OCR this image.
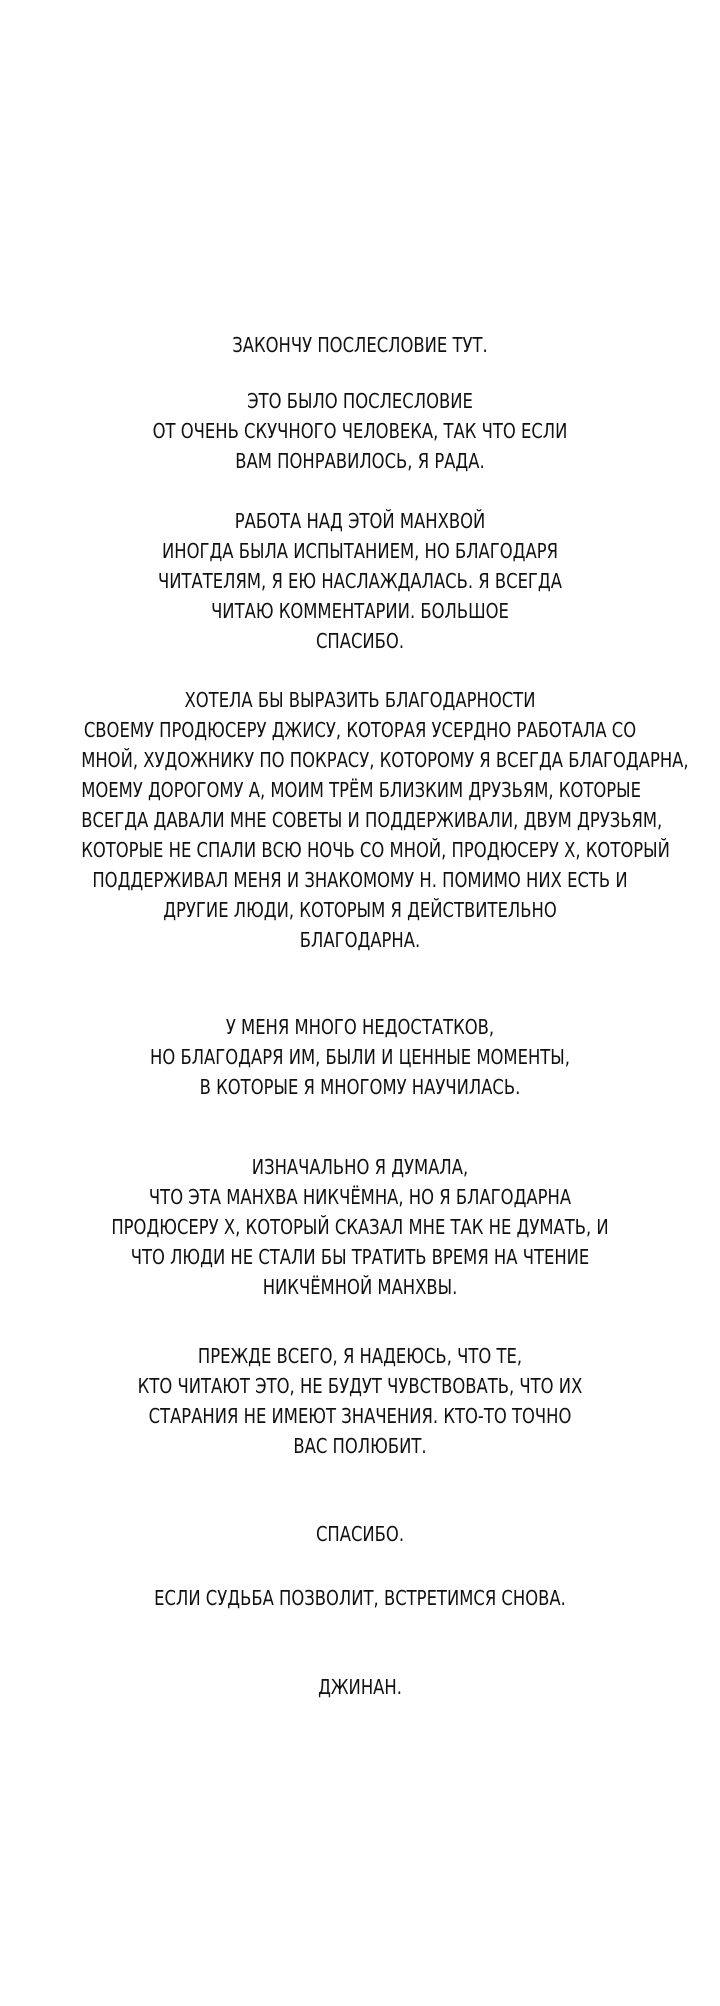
ЗАКОНЧУ ПОСЛЕСЛОВИЕ ТУТ.
ЭТО БЫЛО ПОСЛЕСЛОВИЕ
ОТ ОЧЕНЬ СКУЧНОГО ЧЕЛОВЕКА, ТАК ЧТО ЕСЛИ
ВАМ ПОНРАВИЛОСЬ, Я РАДА.
РАБОТА НАД ЭТОЙ МАНХВОЙ
ИНОГДА БЫЛА ИСПЫТАНИЕМ, НО БЛАГОДАРЯ
ЧИТАТЕЛЯМ, Я ЕЮ НАСЛАЖДАЛАСЬ. Я ВСЕГДА
ЧИТАЮ КОММЕНТАРИИ. БОЛЬШОЕ
СПАСИБО.
ХОТЕЛА БЫ ВЫРАЗИТЬ БЛАГОДАРНОСТИ
СВОЕМУ ПРОДЮСЕРУ ДЖИСУ, КОТОРАЯ УСЕРДНО РАБОТАЛА СО
МНОЙ, ХУДОЖНИКУ ПО ПОКРАСУ, КОТОРОМУ Я ВСЕГДА БЛАГОДАРНА,
МОЕМУ ДОРОГОМУ А, МОИМ ТРЁМ БЛИЗКИМ ДРУЗЬЯМ, КОТОРЫЕ
ВСЕГДА ДАВАЛИ МНЕ СОВЕТЫ И ПОДДЕРЖИВАЛИ, ДВУМ ДРУЗЬЯМ,
КОТОРЫЕ НЕ СПАЛИ ВСЮ НОЧЬ СО МНОЙ, ПРОДЮСЕРУ Х, КОТОРЫЙ
ПОДДЕРЖИВАЛ МЕНЯ И ЗНАКОМОМУ Н. ПОМИМО НИХ ЕСТЬ И
ДРУГИЕ ЛЮДИ, КОТОРЫМ Я ДЕЙСТВИТЕЛЬНО
БЛАГОДАРНА.
У МЕНЯ МНОГО НЕДОСТАТКОВ,
НО БЛАГОДАРЯ ИМ, БЫЛИ И ЦЕННЫЕ МОМЕНТЫ,
В КОТОРЫЕ Я МНОГОМУ НАУЧИЛАСЬ.
ИЗНАЧАЛЬНО Я ДУМАЛА,
ЧТО ЭТА МАНХВА НИКЧЁМНА, НО Я БЛАГОДАРНА
ПРОДЮСЕРУ Х, КОТОРЫЙ СКАЗАЛ МНЕ ТАК НЕ ДУМАТЬ, И
ЧТО ЛЮДИ НЕ СТАЛИ БЫ ТРАТИТЬ ВРЕМЯ НА ЧТЕНИЕ
НИКЧЁМНОЙ МАНХВЫ.
ПРЕЖДЕ ВСЕГО, Я НАДЕЮСЬ, ЧТО ТЕ,
КТО ЧИТАЮТ ЭТО, НЕ БУДУТ ЧУВСТВОВАТЬ, ЧТО ИХ
СТАРАНИЯ НЕ ИМЕЮТ ЗНАЧЕНИЯ. КТО-ТО ТОЧНО
ВАС ПОЛЮБИТ.
СПАСИБО.
ЕСЛИ СУДЬБА ПОЗВОЛИТ, ВСТРЕТИМСЯ СНОВА.
ДЖИНАН.
